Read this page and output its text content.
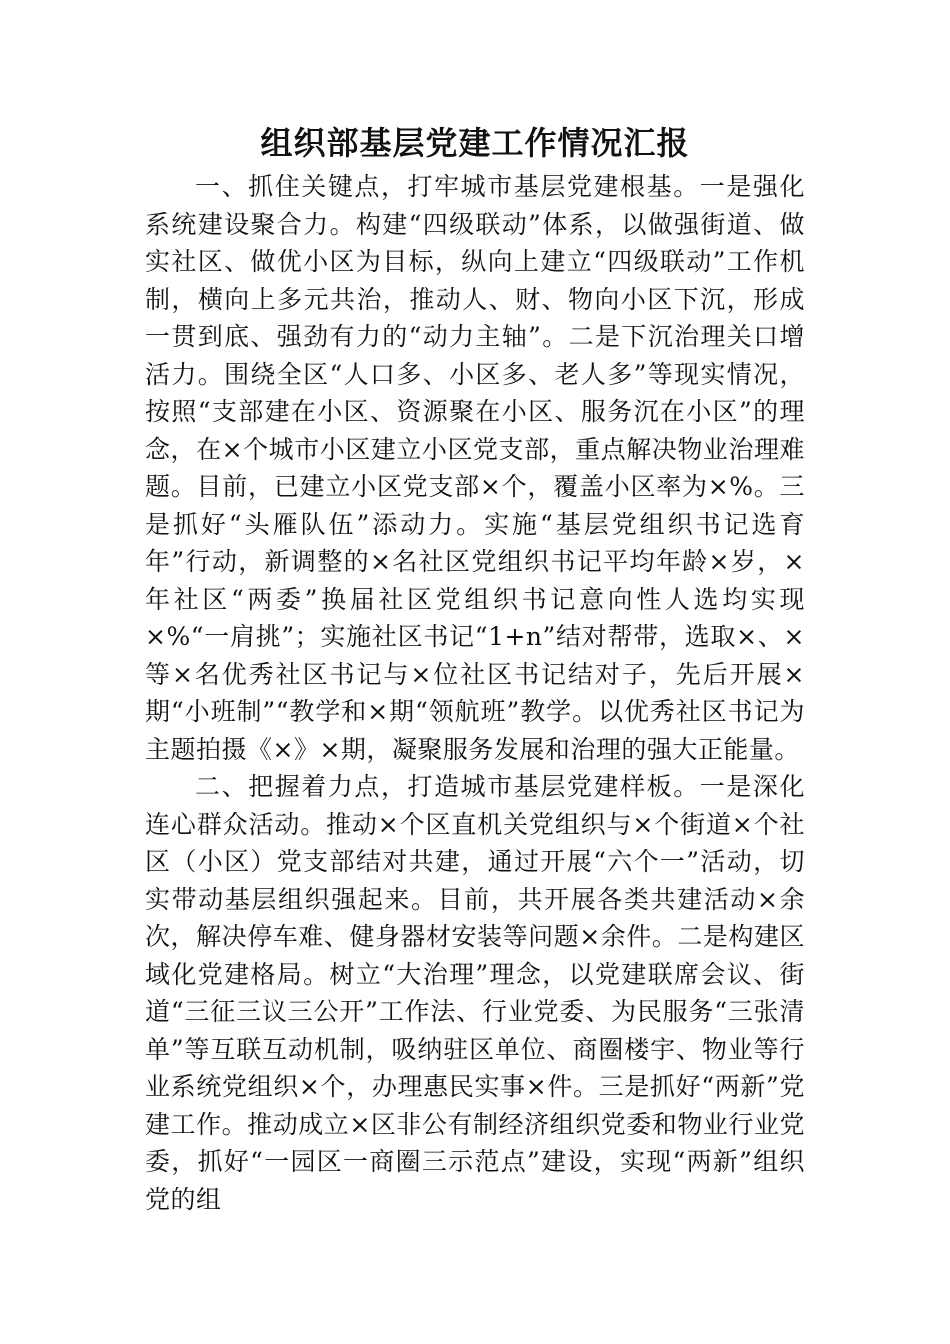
组织部基层党建工作情况汇报

一、抓住关键点，打牢城市基层党建根基。一是强化系统建设聚合力。构建“四级联动”体系，以做强街道、做实社区、做优小区为目标，纵向上建立“四级联动”工作机制，横向上多元共治，推动人、财、物向小区下沉，形成一贯到底、强劲有力的“动力主轴”。二是下沉治理关口增活力。围绕全区“人口多、小区多、老人多”等现实情况，按照“支部建在小区、资源聚在小区、服务沉在小区”的理念，在×个城市小区建立小区党支部，重点解决物业治理难题。目前，已建立小区党支部×个，覆盖小区率为×%。三是抓好“头雁队伍”添动力。实施“基层党组织书记选育年”行动，新调整的×名社区党组织书记平均年龄×岁，×年社区“两委”换届社区党组织书记意向性人选均实现×%“一肩挑”；实施社区书记“1+n”结对帮带，选取×、×等×名优秀社区书记与×位社区书记结对子，先后开展×期“小班制”“教学和×期“领航班”教学。以优秀社区书记为主题拍摄《×》×期，凝聚服务发展和治理的强大正能量。

二、把握着力点，打造城市基层党建样板。一是深化连心群众活动。推动×个区直机关党组织与×个街道×个社区（小区）党支部结对共建，通过开展“六个一”活动，切实带动基层组织强起来。目前，共开展各类共建活动×余次，解决停车难、健身器材安装等问题×余件。二是构建区域化党建格局。树立“大治理”理念，以党建联席会议、街道“三征三议三公开”工作法、行业党委、为民服务“三张清单”等互联互动机制，吸纳驻区单位、商圈楼宇、物业等行业系统党组织×个，办理惠民实事×件。三是抓好“两新”党建工作。推动成立×区非公有制经济组织党委和物业行业党委，抓好“一园区一商圈三示范点”建设，实现“两新”组织党的组
